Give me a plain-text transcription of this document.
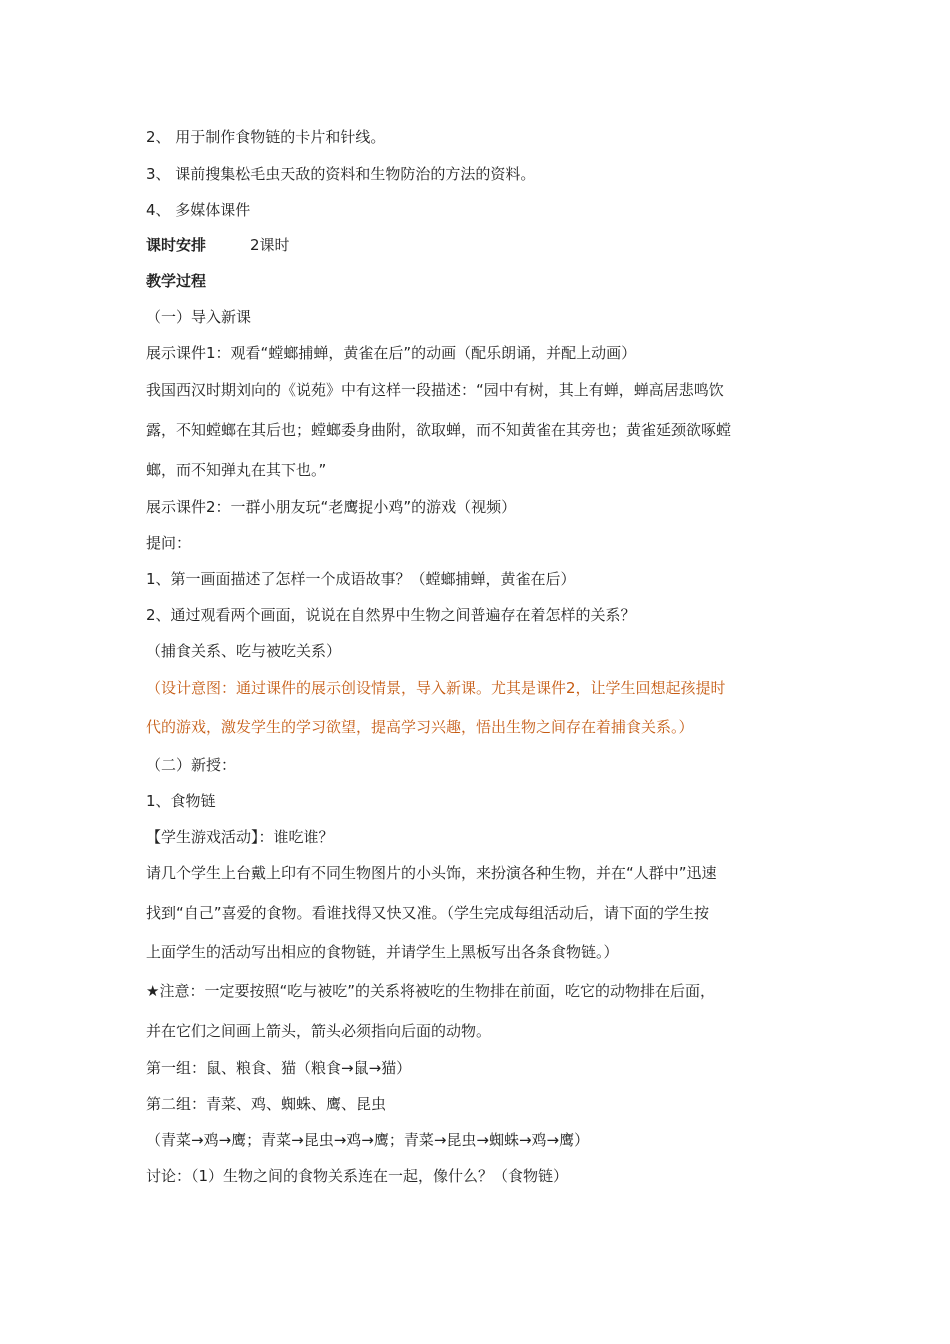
2、 用于制作食物链的卡片和针线。
3、 课前搜集松毛虫天敌的资料和生物防治的方法的资料。
4、 多媒体课件
课时安排	2课时
教学过程
（一）导入新课
展示课件1：观看“螳螂捕蝉，黄雀在后”的动画（配乐朗诵，并配上动画）
我国西汉时期刘向的《说苑》中有这样一段描述：“园中有树，其上有蝉，蝉高居悲鸣饮
露，不知螳螂在其后也；螳螂委身曲附，欲取蝉，而不知黄雀在其旁也；黄雀延颈欲啄螳
螂，而不知弹丸在其下也。”
展示课件2：一群小朋友玩“老鹰捉小鸡”的游戏（视频）
提问：
1、第一画面描述了怎样一个成语故事？（螳螂捕蝉，黄雀在后）
2、通过观看两个画面，说说在自然界中生物之间普遍存在着怎样的关系？
（捕食关系、吃与被吃关系）
（设计意图：通过课件的展示创设情景，导入新课。尤其是课件2，让学生回想起孩提时
代的游戏，激发学生的学习欲望，提高学习兴趣，悟出生物之间存在着捕食关系。）
（二）新授：
1、食物链
【学生游戏活动】：谁吃谁？
请几个学生上台戴上印有不同生物图片的小头饰，来扮演各种生物，并在“人群中”迅速
找到“自己”喜爱的食物。看谁找得又快又准。（学生完成每组活动后，请下面的学生按
上面学生的活动写出相应的食物链，并请学生上黑板写出各条食物链。）
★注意：一定要按照“吃与被吃”的关系将被吃的生物排在前面，吃它的动物排在后面，
并在它们之间画上箭头，箭头必须指向后面的动物。
第一组：鼠、粮食、猫（粮食→鼠→猫）
第二组：青菜、鸡、蜘蛛、鹰、昆虫
（青菜→鸡→鹰；青菜→昆虫→鸡→鹰；青菜→昆虫→蜘蛛→鸡→鹰）
讨论：（1）生物之间的食物关系连在一起，像什么？（食物链）
